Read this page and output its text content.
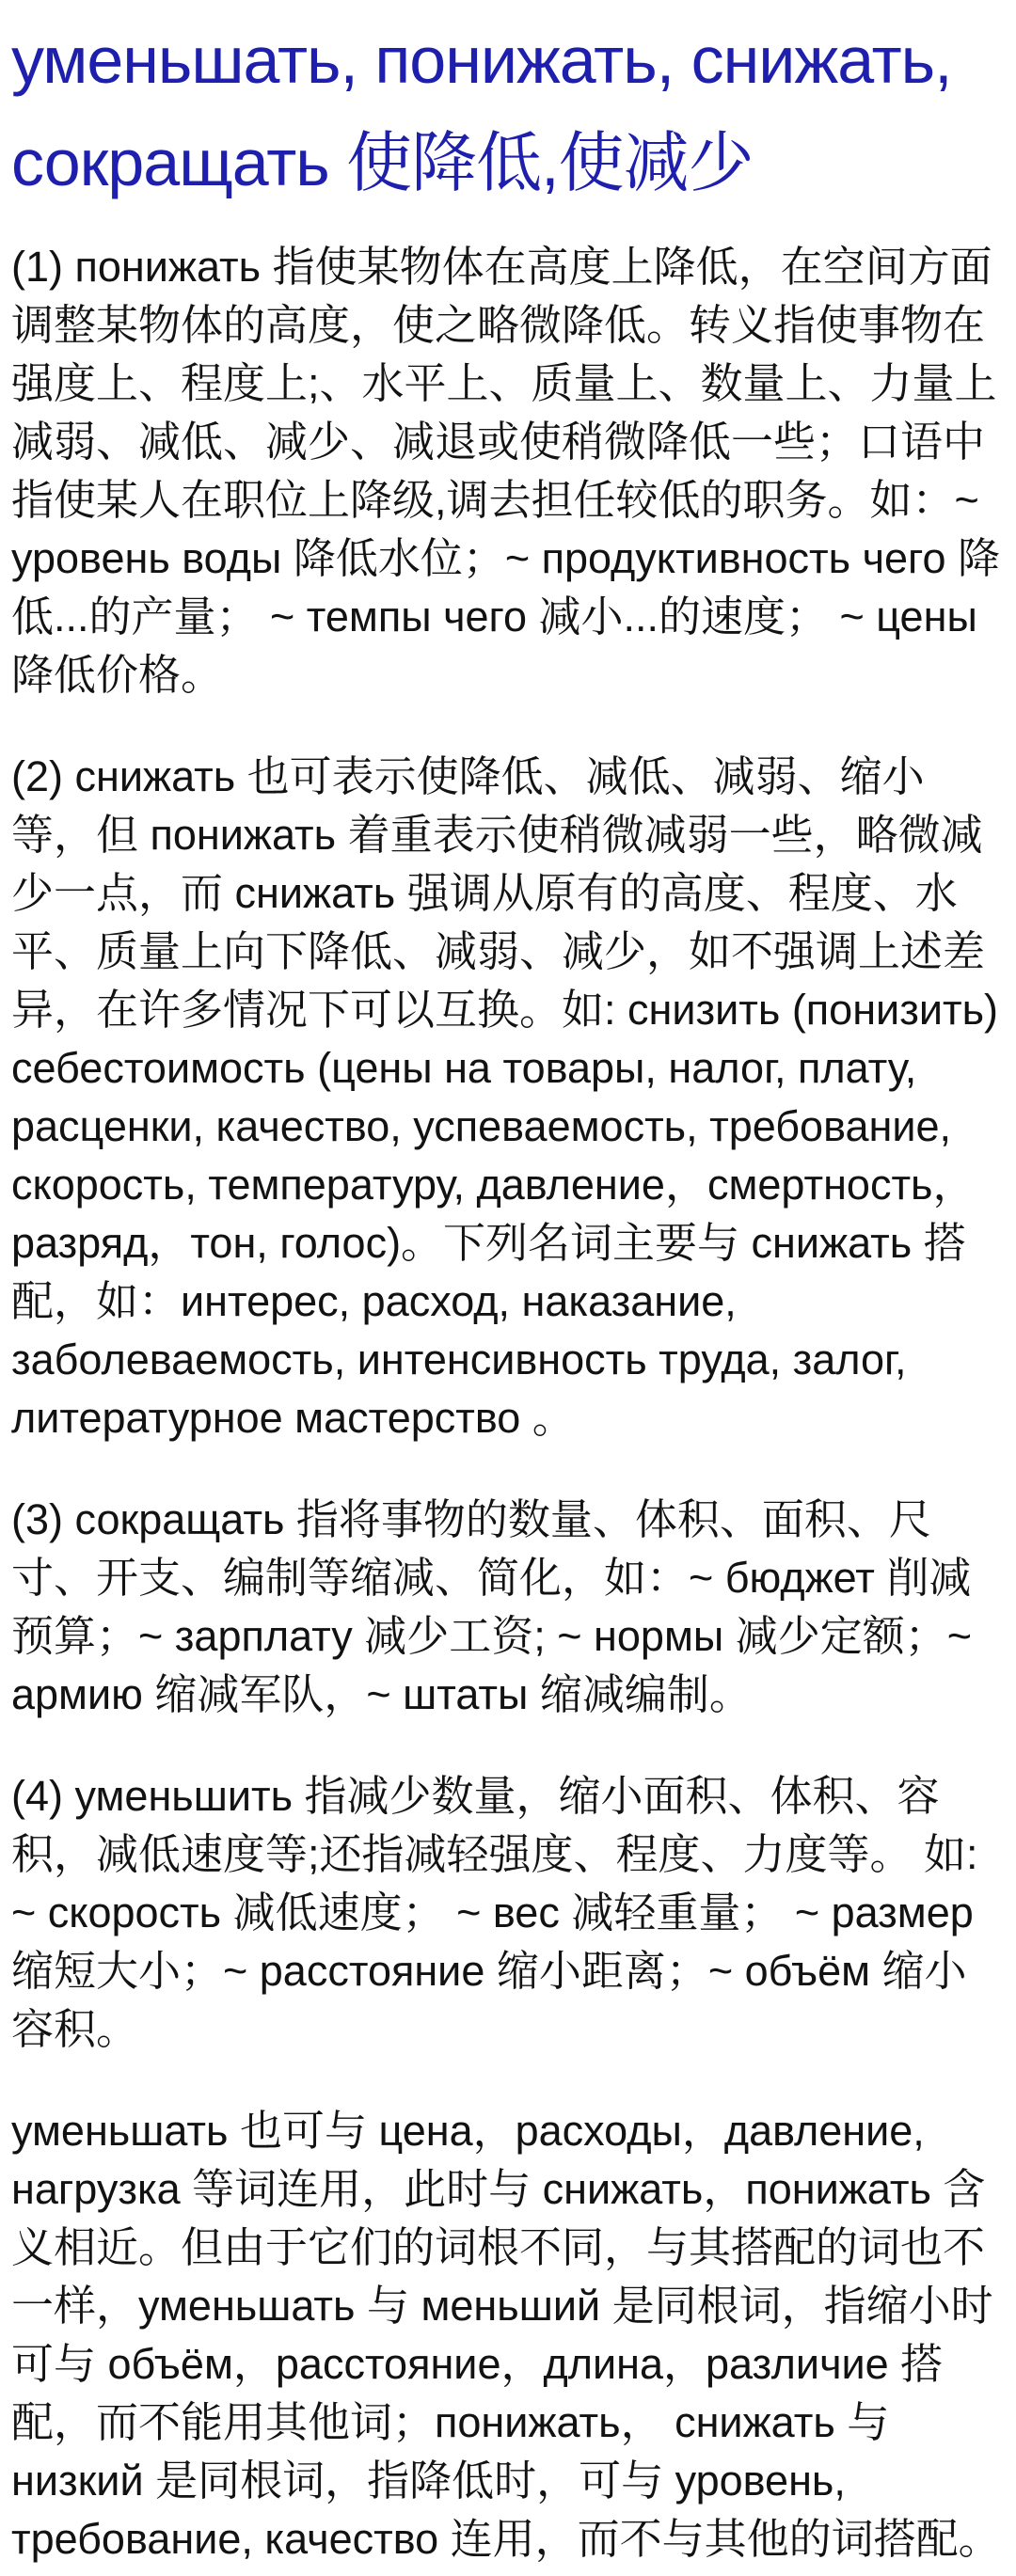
уменьшать, понижать, снижать, сокращать 使降低,使减少

(1) понижать 指使某物体在高度上降低，在空间方面调整某物体的高度，使之略微降低。转义指使事物在强度上、程度上;、水平上、质量上、数量上、力量上减弱、减低、减少、减退或使稍微降低一些；口语中指使某人在职位上降级,调去担任较低的职务。如：~ уровень воды 降低水位；~ продуктивность чего 降低...的产量； ~ темпы чего 减小...的速度； ~ цены 降低价格。

(2) снижать 也可表示使降低、减低、减弱、缩小等，但 понижать 着重表示使稍微减弱一些，略微减少一点，而 снижать 强调从原有的高度、程度、水平、质量上向下降低、减弱、减少，如不强调上述差异，在许多情况下可以互换。如: снизить (понизить) себестоимость (цены на товары, налог, плату, расценки, качество, успеваемость, требование, скорость, температуру, давление，смертность，разряд，тон, голос)。下列名词主要与 снижать 搭配，如：интерес, расход, наказание, заболеваемость, интенсивность труда, залог, литературное мастерство 。

(3) сокращать 指将事物的数量、体积、面积、尺寸、开支、编制等缩减、简化，如：~ бюджет 削减预算；~ зарплату 减少工资; ~ нормы 减少定额；~ армию 缩减军队，~ штаты 缩减编制。

(4) уменьшить 指减少数量，缩小面积、体积、容积，减低速度等;还指减轻强度、程度、力度等。 如: ~ скорость 减低速度； ~ вес 减轻重量； ~ размер 缩短大小；~ расстояние 缩小距离；~ объём 缩小容积。

уменьшать 也可与 цена，расходы，давление, нагрузка 等词连用，此时与 снижать，понижать 含义相近。但由于它们的词根不同，与其搭配的词也不一样，уменьшать 与 меньший 是同根词，指缩小时可与 объём，расстояние，длина，различие 搭配，而不能用其他词；понижать， снижать 与 низкий 是同根词，指降低时，可与 уровень, требование, качество 连用，而不与其他的词搭配。
